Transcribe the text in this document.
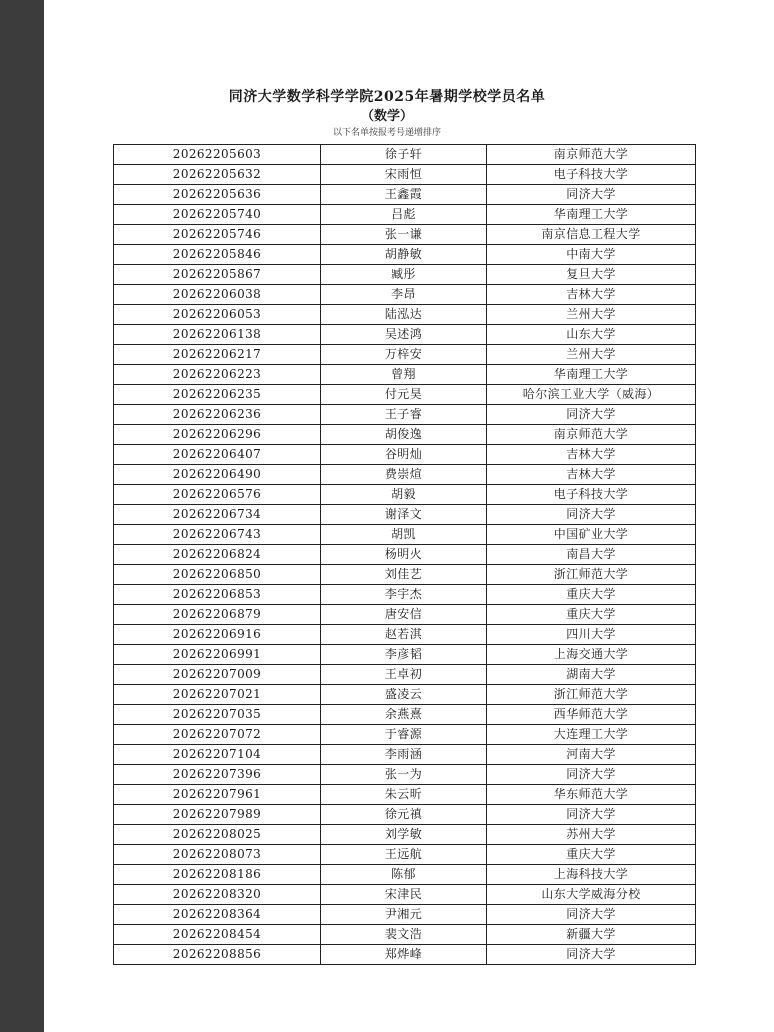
同济大学数学科学学院2025年暑期学校学员名单
（数学）
以下名单按报考号递增排序
20262205603	徐子轩	南京师范大学
20262205632	宋雨恒	电子科技大学
20262205636	王鑫霞	同济大学
20262205740	吕彪	华南理工大学
20262205746	张一谦	南京信息工程大学
20262205846	胡静敏	中南大学
20262205867	臧彤	复旦大学
20262206038	李昂	吉林大学
20262206053	陆泓达	兰州大学
20262206138	吴述鸿	山东大学
20262206217	万梓安	兰州大学
20262206223	曾翔	华南理工大学
20262206235	付元昊	哈尔滨工业大学（威海）
20262206236	王子睿	同济大学
20262206296	胡俊逸	南京师范大学
20262206407	谷明灿	吉林大学
20262206490	费崇煊	吉林大学
20262206576	胡毅	电子科技大学
20262206734	谢泽文	同济大学
20262206743	胡凯	中国矿业大学
20262206824	杨明火	南昌大学
20262206850	刘佳艺	浙江师范大学
20262206853	李宇杰	重庆大学
20262206879	唐安信	重庆大学
20262206916	赵若淇	四川大学
20262206991	李彦韬	上海交通大学
20262207009	王卓初	湖南大学
20262207021	盛凌云	浙江师范大学
20262207035	余燕熹	西华师范大学
20262207072	于睿源	大连理工大学
20262207104	李雨涵	河南大学
20262207396	张一为	同济大学
20262207961	朱云昕	华东师范大学
20262207989	徐元禛	同济大学
20262208025	刘学敏	苏州大学
20262208073	王远航	重庆大学
20262208186	陈郁	上海科技大学
20262208320	宋津民	山东大学威海分校
20262208364	尹湘元	同济大学
20262208454	裴文浩	新疆大学
20262208856	郑烨峰	同济大学
